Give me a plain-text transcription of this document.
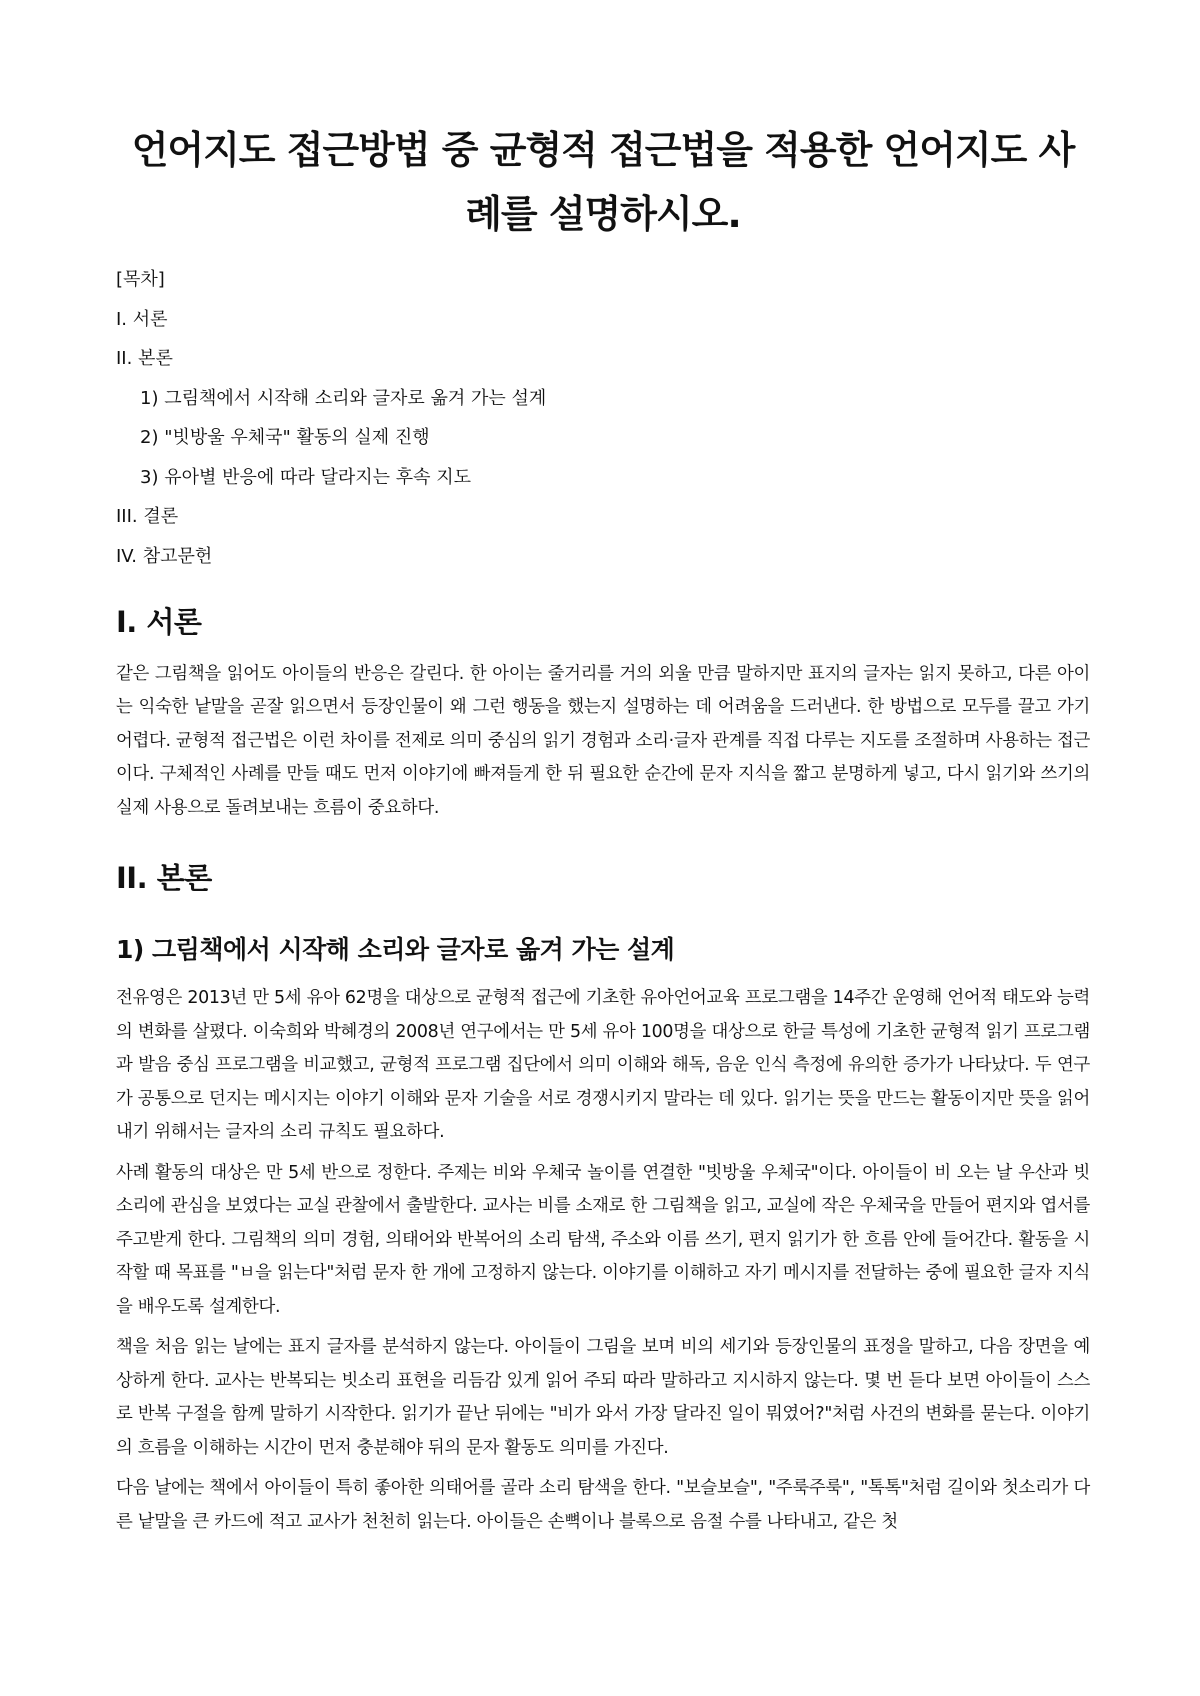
언어지도 접근방법 중 균형적 접근법을 적용한 언어지도 사례를 설명하시오.
[목차]
I. 서론
II. 본론
1) 그림책에서 시작해 소리와 글자로 옮겨 가는 설계
2) "빗방울 우체국" 활동의 실제 진행
3) 유아별 반응에 따라 달라지는 후속 지도
III. 결론
IV. 참고문헌
I. 서론

같은 그림책을 읽어도 아이들의 반응은 갈린다. 한 아이는 줄거리를 거의 외울 만큼 말하지만 표지의 글자는 읽지 못하고, 다른 아이는 익숙한 낱말을 곧잘 읽으면서 등장인물이 왜 그런 행동을 했는지 설명하는 데 어려움을 드러낸다. 한 방법으로 모두를 끌고 가기 어렵다. 균형적 접근법은 이런 차이를 전제로 의미 중심의 읽기 경험과 소리·글자 관계를 직접 다루는 지도를 조절하며 사용하는 접근이다. 구체적인 사례를 만들 때도 먼저 이야기에 빠져들게 한 뒤 필요한 순간에 문자 지식을 짧고 분명하게 넣고, 다시 읽기와 쓰기의 실제 사용으로 돌려보내는 흐름이 중요하다.

II. 본론
1) 그림책에서 시작해 소리와 글자로 옮겨 가는 설계

전유영은 2013년 만 5세 유아 62명을 대상으로 균형적 접근에 기초한 유아언어교육 프로그램을 14주간 운영해 언어적 태도와 능력의 변화를 살폈다. 이숙희와 박혜경의 2008년 연구에서는 만 5세 유아 100명을 대상으로 한글 특성에 기초한 균형적 읽기 프로그램과 발음 중심 프로그램을 비교했고, 균형적 프로그램 집단에서 의미 이해와 해독, 음운 인식 측정에 유의한 증가가 나타났다. 두 연구가 공통으로 던지는 메시지는 이야기 이해와 문자 기술을 서로 경쟁시키지 말라는 데 있다. 읽기는 뜻을 만드는 활동이지만 뜻을 읽어 내기 위해서는 글자의 소리 규칙도 필요하다.

사례 활동의 대상은 만 5세 반으로 정한다. 주제는 비와 우체국 놀이를 연결한 "빗방울 우체국"이다. 아이들이 비 오는 날 우산과 빗소리에 관심을 보였다는 교실 관찰에서 출발한다. 교사는 비를 소재로 한 그림책을 읽고, 교실에 작은 우체국을 만들어 편지와 엽서를 주고받게 한다. 그림책의 의미 경험, 의태어와 반복어의 소리 탐색, 주소와 이름 쓰기, 편지 읽기가 한 흐름 안에 들어간다. 활동을 시작할 때 목표를 "ㅂ을 읽는다"처럼 문자 한 개에 고정하지 않는다. 이야기를 이해하고 자기 메시지를 전달하는 중에 필요한 글자 지식을 배우도록 설계한다.

책을 처음 읽는 날에는 표지 글자를 분석하지 않는다. 아이들이 그림을 보며 비의 세기와 등장인물의 표정을 말하고, 다음 장면을 예상하게 한다. 교사는 반복되는 빗소리 표현을 리듬감 있게 읽어 주되 따라 말하라고 지시하지 않는다. 몇 번 듣다 보면 아이들이 스스로 반복 구절을 함께 말하기 시작한다. 읽기가 끝난 뒤에는 "비가 와서 가장 달라진 일이 뭐였어?"처럼 사건의 변화를 묻는다. 이야기의 흐름을 이해하는 시간이 먼저 충분해야 뒤의 문자 활동도 의미를 가진다.

다음 날에는 책에서 아이들이 특히 좋아한 의태어를 골라 소리 탐색을 한다. "보슬보슬", "주룩주룩", "톡톡"처럼 길이와 첫소리가 다른 낱말을 큰 카드에 적고 교사가 천천히 읽는다. 아이들은 손뼉이나 블록으로 음절 수를 나타내고, 같은 첫
